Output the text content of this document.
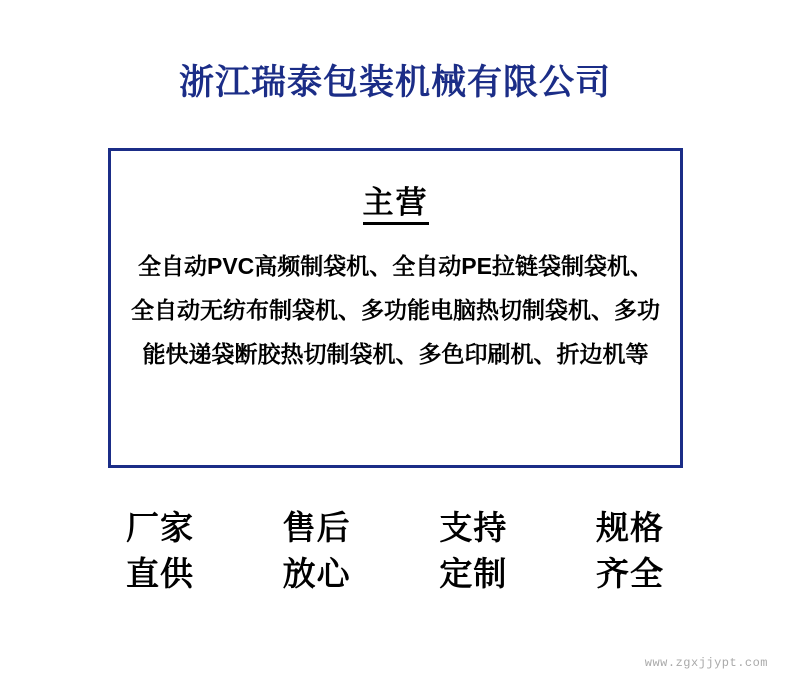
浙江瑞泰包装机械有限公司
主营
全自动PVC高频制袋机、全自动PE拉链袋制袋机、全自动无纺布制袋机、多功能电脑热切制袋机、多功能快递袋断胶热切制袋机、多色印刷机、折边机等
厂家
直供
售后
放心
支持
定制
规格
齐全
www.zgxjjypt.com
